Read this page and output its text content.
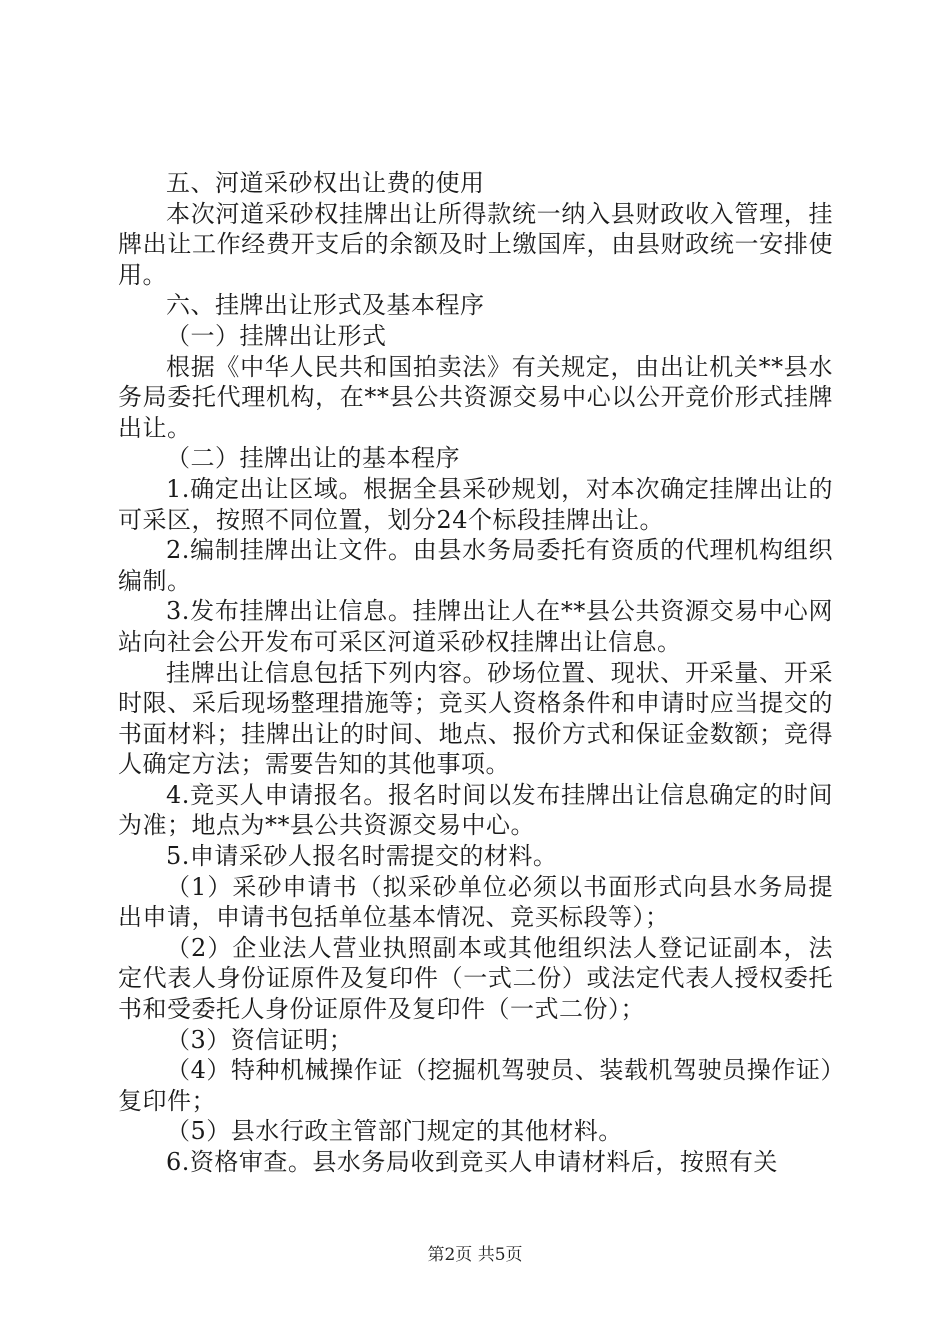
五、河道采砂权出让费的使用

本次河道采砂权挂牌出让所得款统一纳入县财政收入管理，挂牌出让工作经费开支后的余额及时上缴国库，由县财政统一安排使用。

六、挂牌出让形式及基本程序

（一）挂牌出让形式

根据《中华人民共和国拍卖法》有关规定，由出让机关**县水务局委托代理机构，在**县公共资源交易中心以公开竞价形式挂牌出让。

（二）挂牌出让的基本程序

1.确定出让区域。根据全县采砂规划，对本次确定挂牌出让的可采区，按照不同位置，划分24个标段挂牌出让。

2.编制挂牌出让文件。由县水务局委托有资质的代理机构组织编制。

3.发布挂牌出让信息。挂牌出让人在**县公共资源交易中心网站向社会公开发布可采区河道采砂权挂牌出让信息。

挂牌出让信息包括下列内容。砂场位置、现状、开采量、开采时限、采后现场整理措施等；竞买人资格条件和申请时应当提交的书面材料；挂牌出让的时间、地点、报价方式和保证金数额；竞得人确定方法；需要告知的其他事项。

4.竞买人申请报名。报名时间以发布挂牌出让信息确定的时间为准；地点为**县公共资源交易中心。

5.申请采砂人报名时需提交的材料。

（1）采砂申请书（拟采砂单位必须以书面形式向县水务局提出申请，申请书包括单位基本情况、竞买标段等）；

（2）企业法人营业执照副本或其他组织法人登记证副本，法定代表人身份证原件及复印件（一式二份）或法定代表人授权委托书和受委托人身份证原件及复印件（一式二份）；

（3）资信证明；

（4）特种机械操作证（挖掘机驾驶员、装载机驾驶员操作证）复印件；

（5）县水行政主管部门规定的其他材料。

6.资格审查。县水务局收到竞买人申请材料后，按照有关

第2页 共5页
